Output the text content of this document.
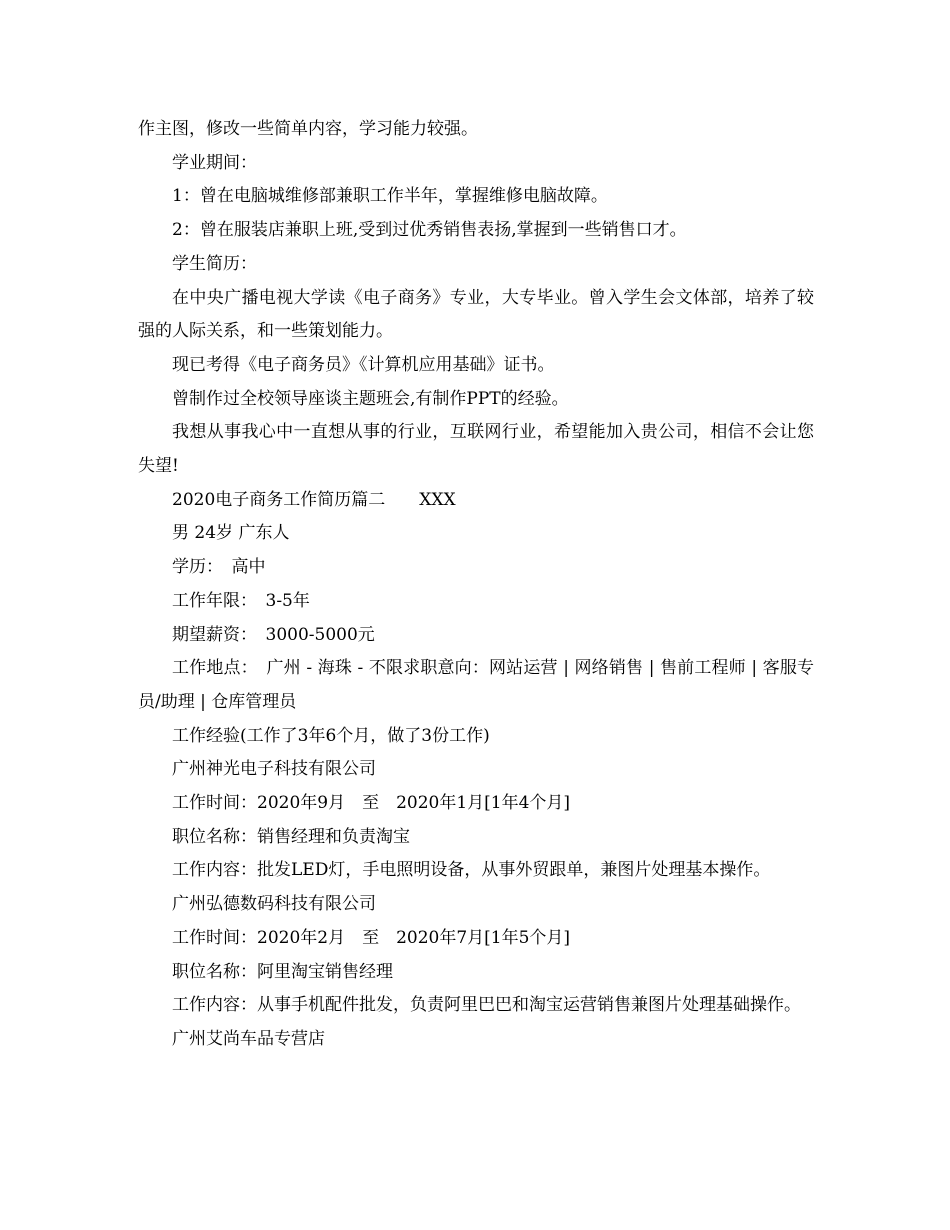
作主图，修改一些简单内容，学习能力较强。

学业期间：

1：曾在电脑城维修部兼职工作半年，掌握维修电脑故障。

2：曾在服装店兼职上班,受到过优秀销售表扬,掌握到一些销售口才。

学生简历：

在中央广播电视大学读《电子商务》专业，大专毕业。曾入学生会文体部，培养了较强的人际关系，和一些策划能力。

现已考得《电子商务员》《计算机应用基础》证书。

曾制作过全校领导座谈主题班会,有制作PPT的经验。

我想从事我心中一直想从事的行业，互联网行业，希望能加入贵公司，相信不会让您失望!

2020电子商务工作简历篇二　　XXX

男 24岁 广东人

学历：　高中

工作年限：　3-5年

期望薪资：　3000-5000元

工作地点：　广州 - 海珠 - 不限求职意向：网站运营 | 网络销售 | 售前工程师 | 客服专员/助理 | 仓库管理员

工作经验(工作了3年6个月，做了3份工作)

广州神光电子科技有限公司

工作时间：2020年9月　至　2020年1月[1年4个月]

职位名称：销售经理和负责淘宝

工作内容：批发LED灯，手电照明设备，从事外贸跟单，兼图片处理基本操作。

广州弘德数码科技有限公司

工作时间：2020年2月　至　2020年7月[1年5个月]

职位名称：阿里淘宝销售经理

工作内容：从事手机配件批发，负责阿里巴巴和淘宝运营销售兼图片处理基础操作。

广州艾尚车品专营店
